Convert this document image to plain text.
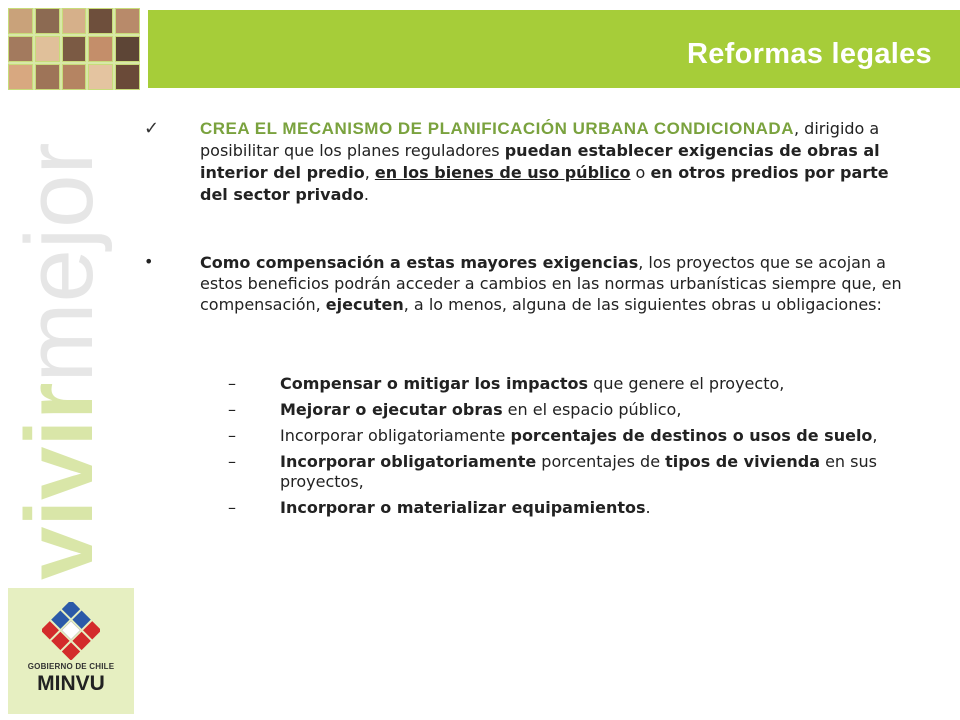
Reformas legales
vivirmejor
GOBIERNO DE CHILE
MINVU
✓ CREA EL MECANISMO DE PLANIFICACIÓN URBANA CONDICIONADA, dirigido a posibilitar que los planes reguladores puedan establecer exigencias de obras al interior del predio, en los bienes de uso público o en otros predios por parte del sector privado.
•	Como compensación a estas mayores exigencias, los proyectos que se acojan a estos beneficios podrán acceder a cambios en las normas urbanísticas siempre que, en compensación, ejecuten, a lo menos, alguna de las siguientes obras u obligaciones:
–	Compensar o mitigar los impactos que genere el proyecto,
–	Mejorar o ejecutar obras en el espacio público,
–	Incorporar obligatoriamente porcentajes de destinos o usos de suelo,
–	Incorporar obligatoriamente porcentajes de tipos de vivienda en sus proyectos,
–	Incorporar o materializar equipamientos.
